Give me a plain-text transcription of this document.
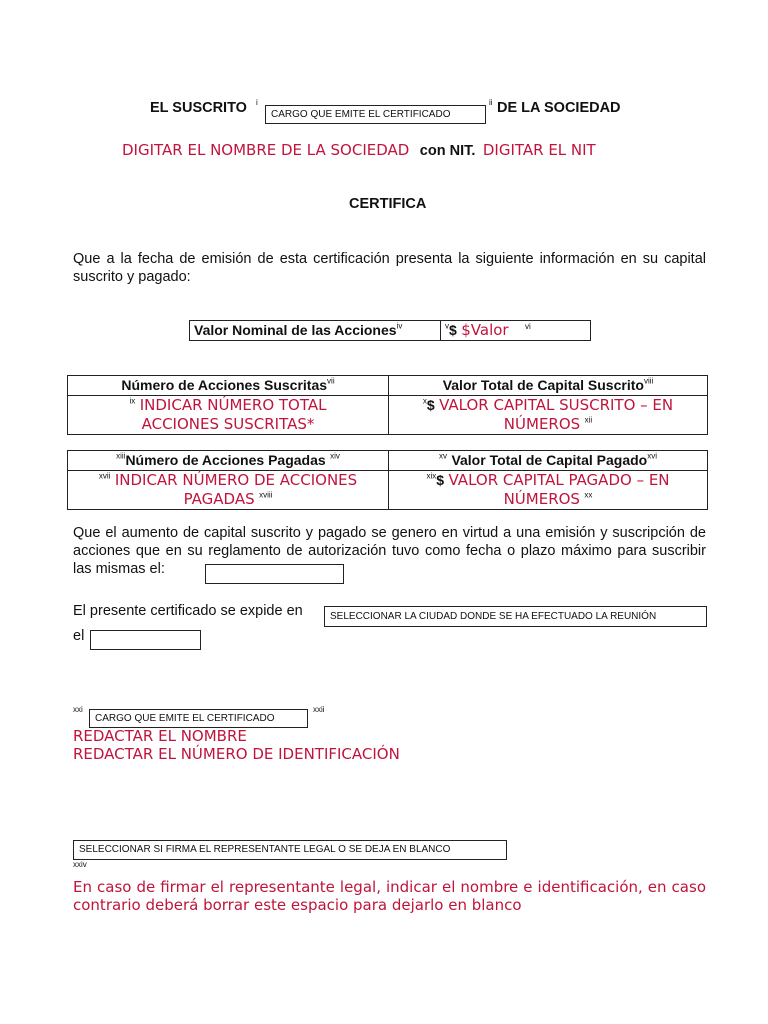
EL SUSCRITO i
CARGO QUE EMITE EL CERTIFICADO
ii DE LA SOCIEDAD
DIGITAR EL NOMBRE DE LA SOCIEDAD con NIT. DIGITAR EL NIT
CERTIFICA
Que a la fecha de emisión de esta certificación presenta la siguiente información en su capital suscrito y pagado:
Valor Nominal de las Acciones$^{iv}$	$^v$\$ $Valor $^{vi}$
Número de Acciones Suscritas$^{vii}$	Valor Total de Capital Suscrito$^{viii}$
$^{ix}$ INDICAR NÚMERO TOTAL ACCIONES SUSCRITAS*	$^x$\$ VALOR CAPITAL SUSCRITO – EN NÚMEROS $^{xii}$
$^{xiii}$Número de Acciones Pagadas $^{xiv}$	$^{xv}$ Valor Total de Capital Pagado$^{xvi}$
$^{xvii}$ INDICAR NÚMERO DE ACCIONES PAGADAS $^{xviii}$	$^{xix}$\$ VALOR CAPITAL PAGADO – EN NÚMEROS $^{xx}$
Que el aumento de capital suscrito y pagado se genero en virtud a una emisión y suscripción de acciones que en su reglamento de autorización tuvo como fecha o plazo máximo para suscribir las mismas el:
El presente certificado se expide en	SELECCIONAR LA CIUDAD DONDE SE HA EFECTUADO LA REUNIÓN
el
xxi
CARGO QUE EMITE EL CERTIFICADO
xxii
REDACTAR EL NOMBRE
REDACTAR EL NÚMERO DE IDENTIFICACIÓN
SELECCIONAR SI FIRMA EL REPRESENTANTE LEGAL O SE DEJA EN BLANCO
xxiv
En caso de firmar el representante legal, indicar el nombre e identificación, en caso contrario deberá borrar este espacio para dejarlo en blanco
